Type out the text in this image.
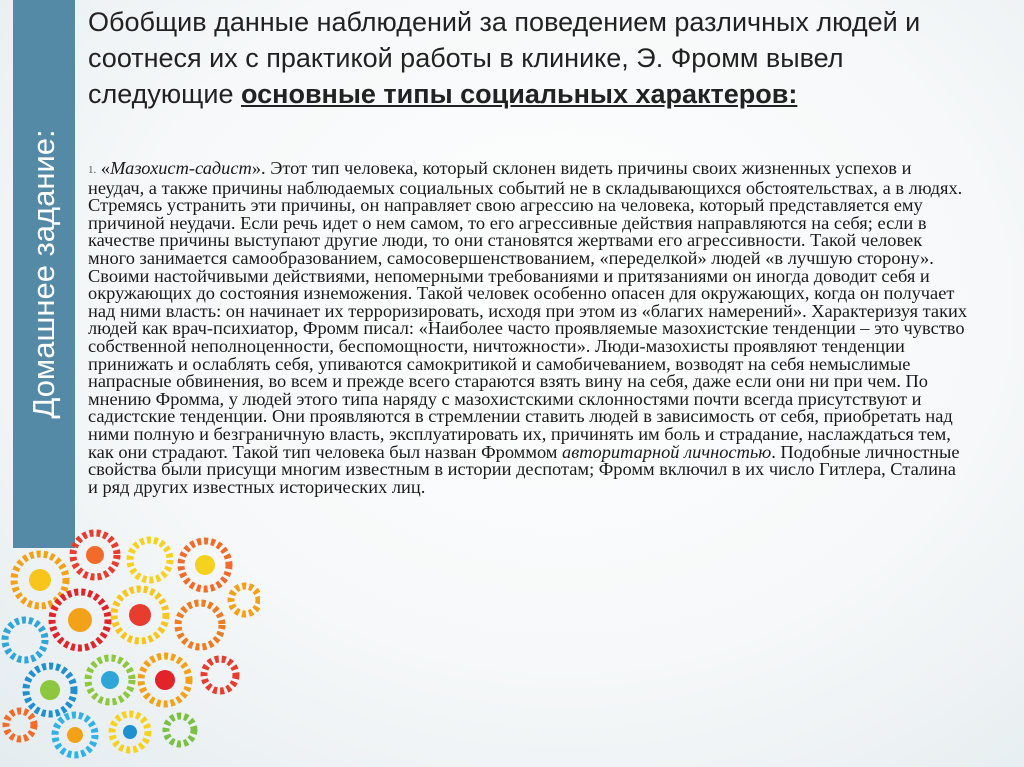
Домашнее задание:
Обобщив данные наблюдений за поведением различных людей и соотнеся их с практикой работы в клинике, Э. Фромм вывел следующие основные типы социальных характеров:

1. «Мазохист-садист». Этот тип человека, который склонен видеть причины своих жизненных успехов и неудач, а также причины наблюдаемых социальных событий не в складывающихся обстоятельствах, а в людях. Стремясь устранить эти причины, он направляет свою агрессию на человека, который представляется ему причиной неудачи. Если речь идет о нем самом, то его агрессивные действия направляются на себя; если в качестве причины выступают другие люди, то они становятся жертвами его агрессивности. Такой человек много занимается самообразованием, самосовершенствованием, «переделкой» людей «в лучшую сторону». Своими настойчивыми действиями, непомерными требованиями и притязаниями он иногда доводит себя и окружающих до состояния изнеможения. Такой человек особенно опасен для окружающих, когда он получает над ними власть: он начинает их терроризировать, исходя при этом из «благих намерений». Характеризуя таких людей как врач-психиатор, Фромм писал: «Наиболее часто проявляемые мазохистские тенденции – это чувство собственной неполноценности, беспомощности, ничтожности». Люди-мазохисты проявляют тенденции принижать и ослаблять себя, упиваются самокритикой и самобичеванием, возводят на себя немыслимые напрасные обвинения, во всем и прежде всего стараются взять вину на себя, даже если они ни при чем. По мнению Фромма, у людей этого типа наряду с мазохистскими склонностями почти всегда присутствуют и садистские тенденции. Они проявляются в стремлении ставить людей в зависимость от себя, приобретать над ними полную и безграничную власть, эксплуатировать их, причинять им боль и страдание, наслаждаться тем, как они страдают. Такой тип человека был назван Фроммом авторитарной личностью. Подобные личностные свойства были присущи многим известным в истории деспотам; Фромм включил в их число Гитлера, Сталина и ряд других известных исторических лиц.
